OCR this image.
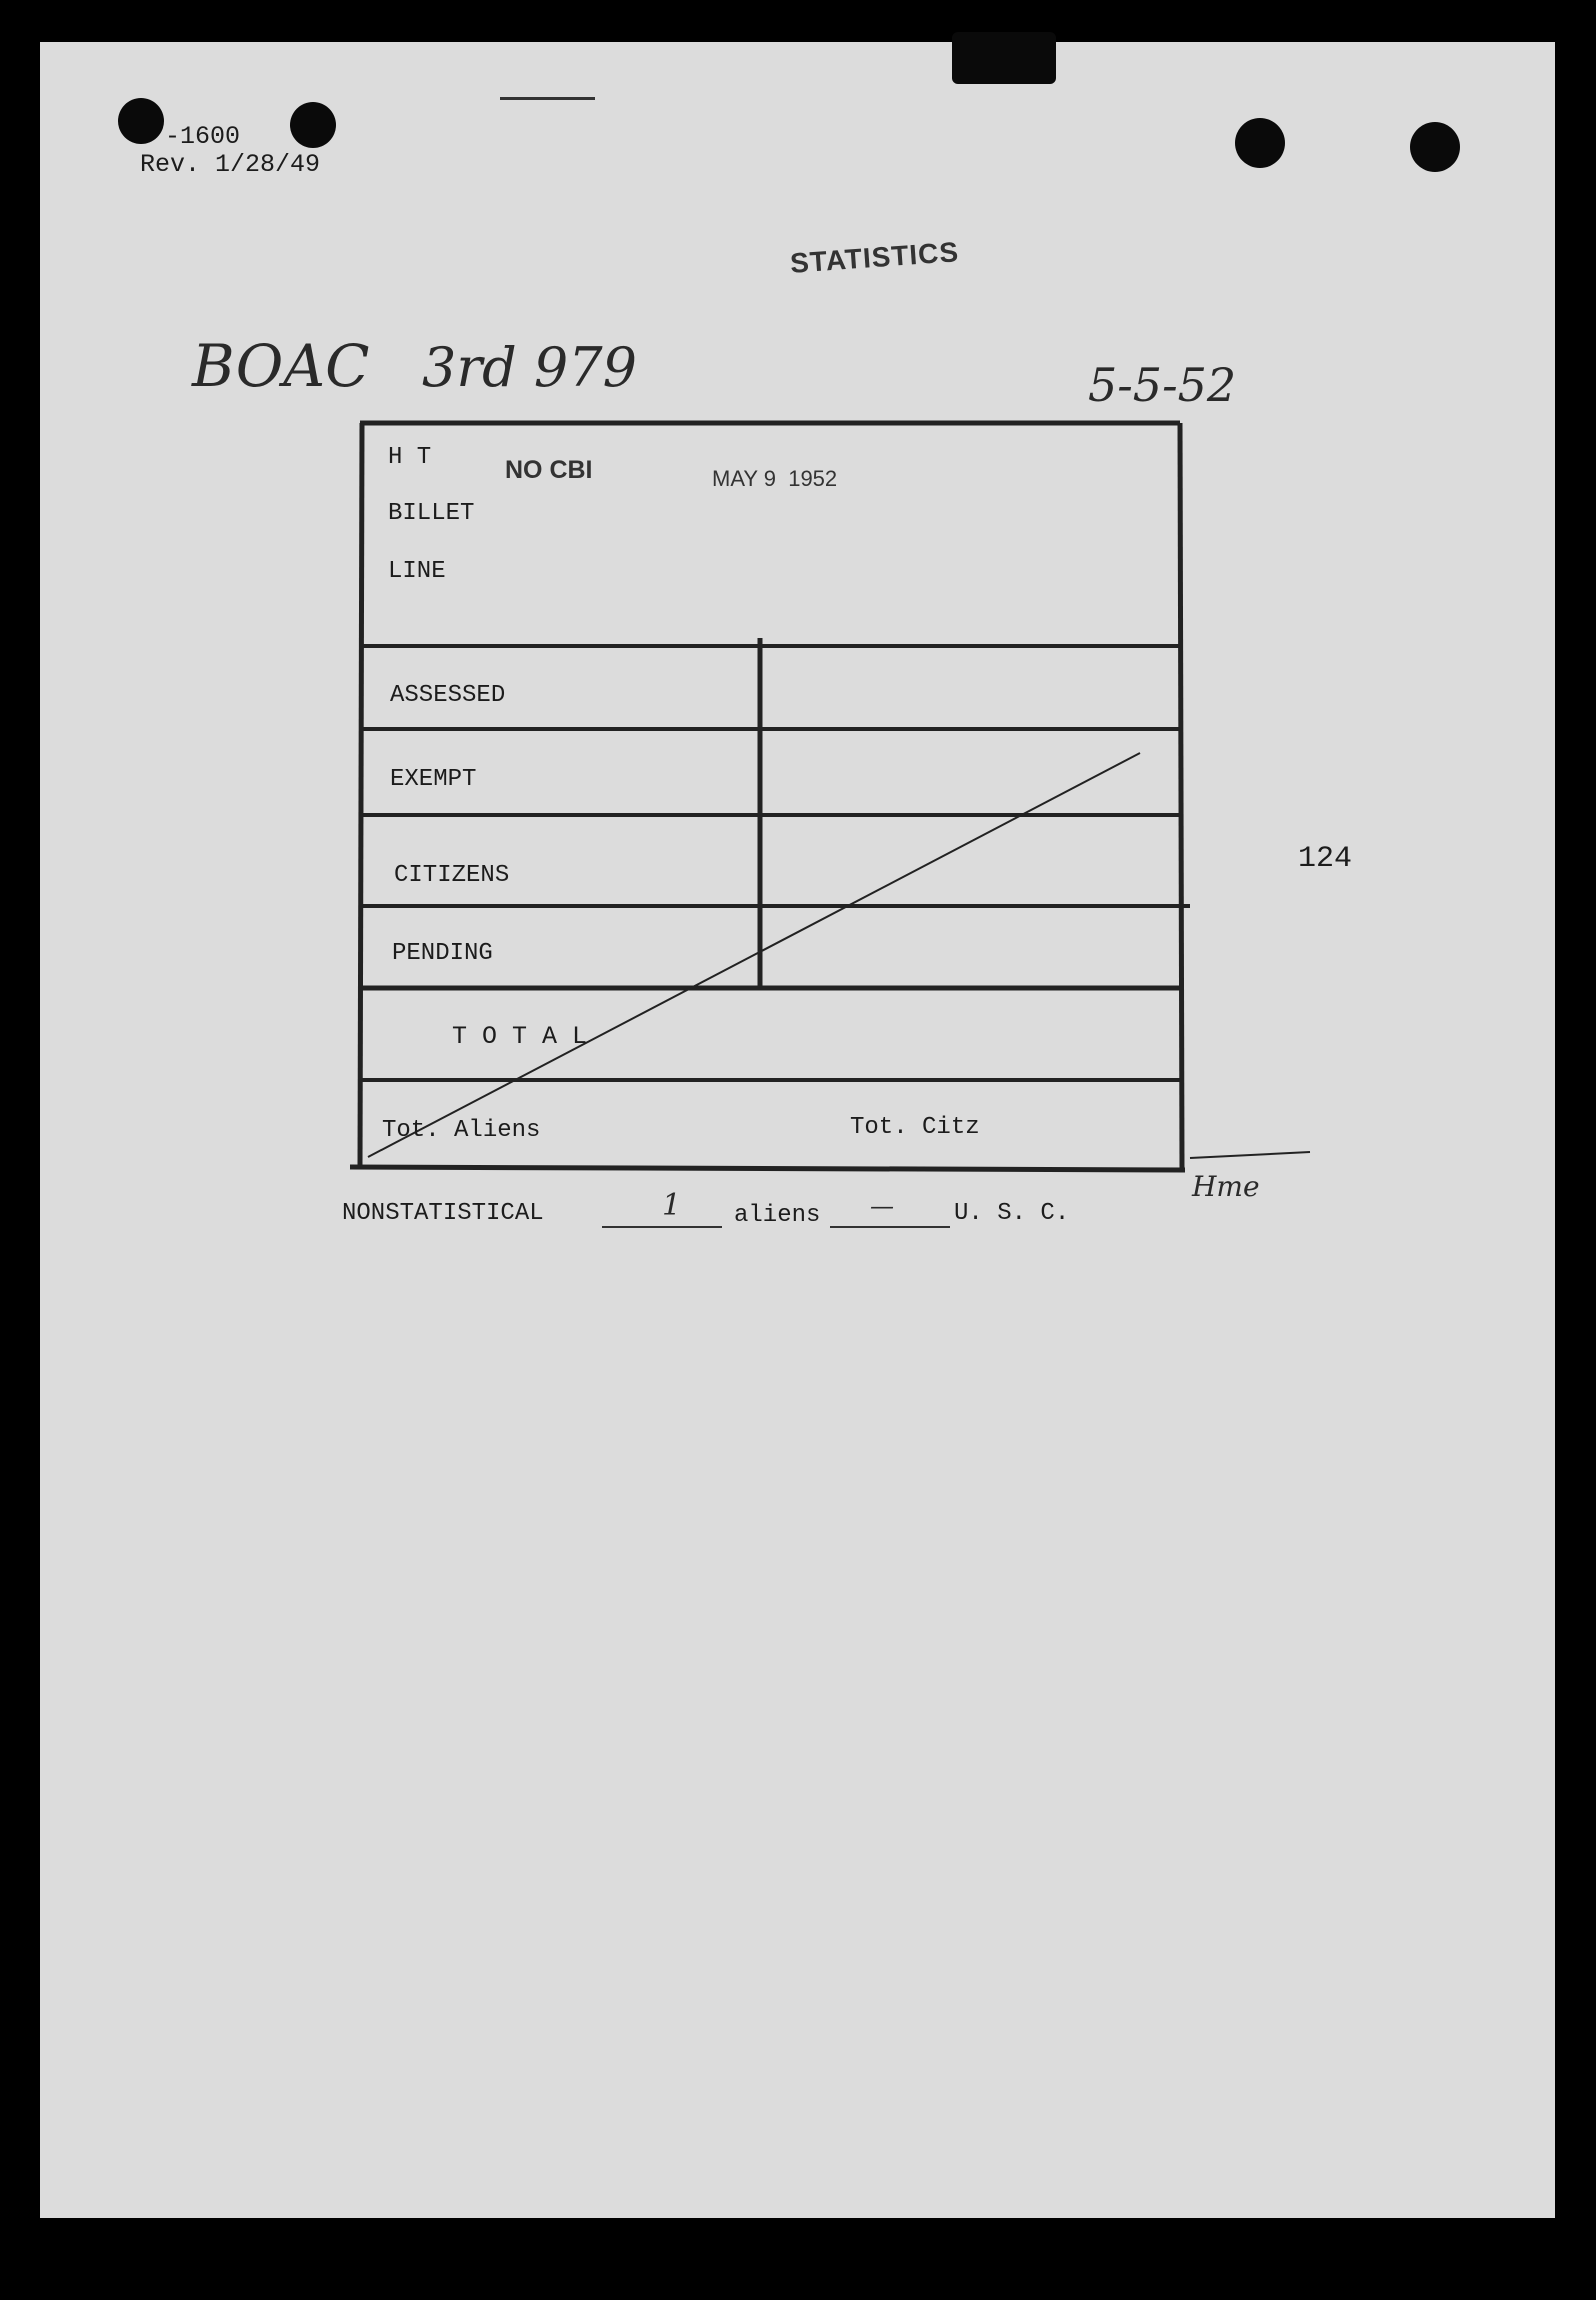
-1600
Rev. 1/28/49
STATISTICS
BOAC 3rd 979	5-5-52
Hme
H T	NO CBI	MAY 9  1952
BILLET
LINE
ASSESSED
EXEMPT
CITIZENS
PENDING
T O T A L
Tot. Aliens	Tot. Citz
124
NONSTATISTICAL	1 aliens —	U. S. C.
